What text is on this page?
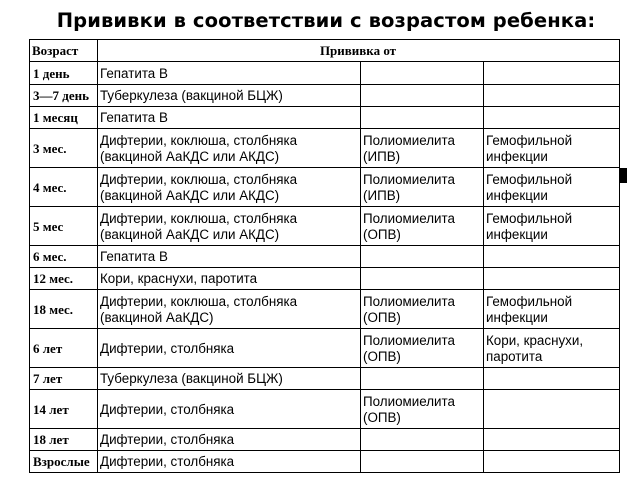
Прививки в соответствии с возрастом ребенка:
Возраст	Прививка от		
1 день	Гепатита В		
3—7 день	Туберкулеза (вакциной БЦЖ)		
1 месяц	Гепатита В		
3 мес.	Дифтерии, коклюша, столбняка (вакциной АаКДС или АКДС)	Полиомиелита (ИПВ)	Гемофильной инфекции
4 мес.	Дифтерии, коклюша, столбняка (вакциной АаКДС или АКДС)	Полиомиелита (ИПВ)	Гемофильной инфекции
5 мес	Дифтерии, коклюша, столбняка (вакциной АаКДС или АКДС)	Полиомиелита (ОПВ)	Гемофильной инфекции
6 мес.	Гепатита В		
12 мес.	Кори, краснухи, паротита		
18 мес.	Дифтерии, коклюша, столбняка (вакциной АаКДС)	Полиомиелита (ОПВ)	Гемофильной инфекции
6 лет	Дифтерии, столбняка	Полиомиелита (ОПВ)	Кори, краснухи, паротита
7 лет	Туберкулеза (вакциной БЦЖ)		
14 лет	Дифтерии, столбняка	Полиомиелита (ОПВ)	
18 лет	Дифтерии, столбняка		
Взрослые	Дифтерии, столбняка		
